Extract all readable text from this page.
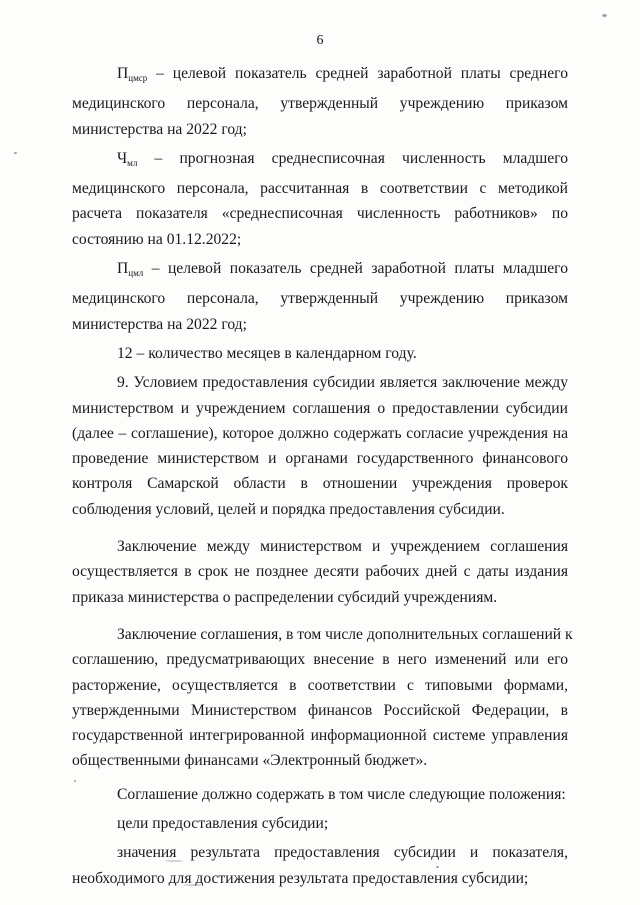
6
$П_{цмср}$ – целевой показатель средней заработной платы среднего
медицинского персонала, утвержденный учреждению приказом
министерства на 2022 год;
$Ч_{мл}$ – прогнозная среднесписочная численность младшего
медицинского персонала, рассчитанная в соответствии с методикой
расчета показателя «среднесписочная численность работников» по
состоянию на 01.12.2022;
$П_{цмл}$ – целевой показатель средней заработной платы младшего
медицинского персонала, утвержденный учреждению приказом
министерства на 2022 год;
12 – количество месяцев в календарном году.
9. Условием предоставления субсидии является заключение между
министерством и учреждением соглашения о предоставлении субсидии
(далее – соглашение), которое должно содержать согласие учреждения на
проведение министерством и органами государственного финансового
контроля Самарской области в отношении учреждения проверок
соблюдения условий, целей и порядка предоставления субсидии.
Заключение между министерством и учреждением соглашения
осуществляется в срок не позднее десяти рабочих дней с даты издания
приказа министерства о распределении субсидий учреждениям.
Заключение соглашения, в том числе дополнительных соглашений к
соглашению, предусматривающих внесение в него изменений или его
расторжение, осуществляется в соответствии с типовыми формами,
утвержденными Министерством финансов Российской Федерации, в
государственной интегрированной информационной системе управления
общественными финансами «Электронный бюджет».
Соглашение должно содержать в том числе следующие положения:
цели предоставления субсидии;
значения результата предоставления субсидии и показателя,
необходимого для достижения результата предоставления субсидии;
